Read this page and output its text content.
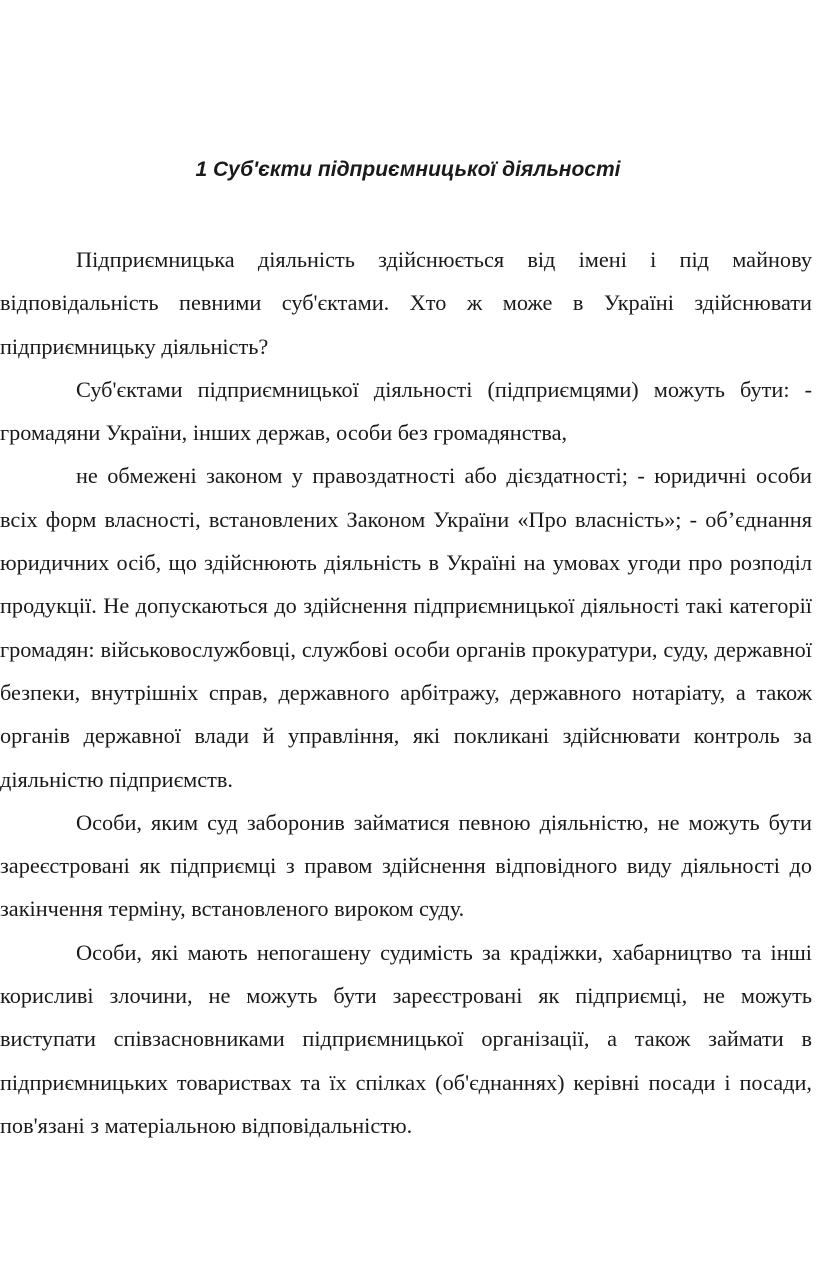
1 Суб'єкти підприємницької діяльності

Підприємницька діяльність здійснюється від імені і під майнову відповідальність певними суб'єктами. Хто ж може в Україні здійснювати підприємницьку діяльність?

Суб'єктами підприємницької діяльності (підприємцями) можуть бути: - громадяни України, інших держав, особи без громадянства,

не обмежені законом у правоздатності або дієздатності; - юридичні особи всіх форм власності, встановлених Законом України «Про власність»; - об’єднання юридичних осіб, що здійснюють діяльність в Україні на умовах угоди про розподіл продукції. Не допускаються до здійснення підприємницької діяльності такі категорії громадян: військовослужбовці, службові особи органів прокуратури, суду, державної безпеки, внутрішніх справ, державного арбітражу, державного нотаріату, а також органів державної влади й управління, які покликані здійснювати контроль за діяльністю підприємств.

Особи, яким суд заборонив займатися певною діяльністю, не можуть бути зареєстровані як підприємці з правом здійснення відповідного виду діяльності до закінчення терміну, встановленого вироком суду.

Особи, які мають непогашену судимість за крадіжки, хабарництво та інші корисливі злочини, не можуть бути зареєстровані як підприємці, не можуть виступати співзасновниками підприємницької організації, а також займати в підприємницьких товариствах та їх спілках (об'єднаннях) керівні посади і посади, пов'язані з матеріальною відповідальністю.
